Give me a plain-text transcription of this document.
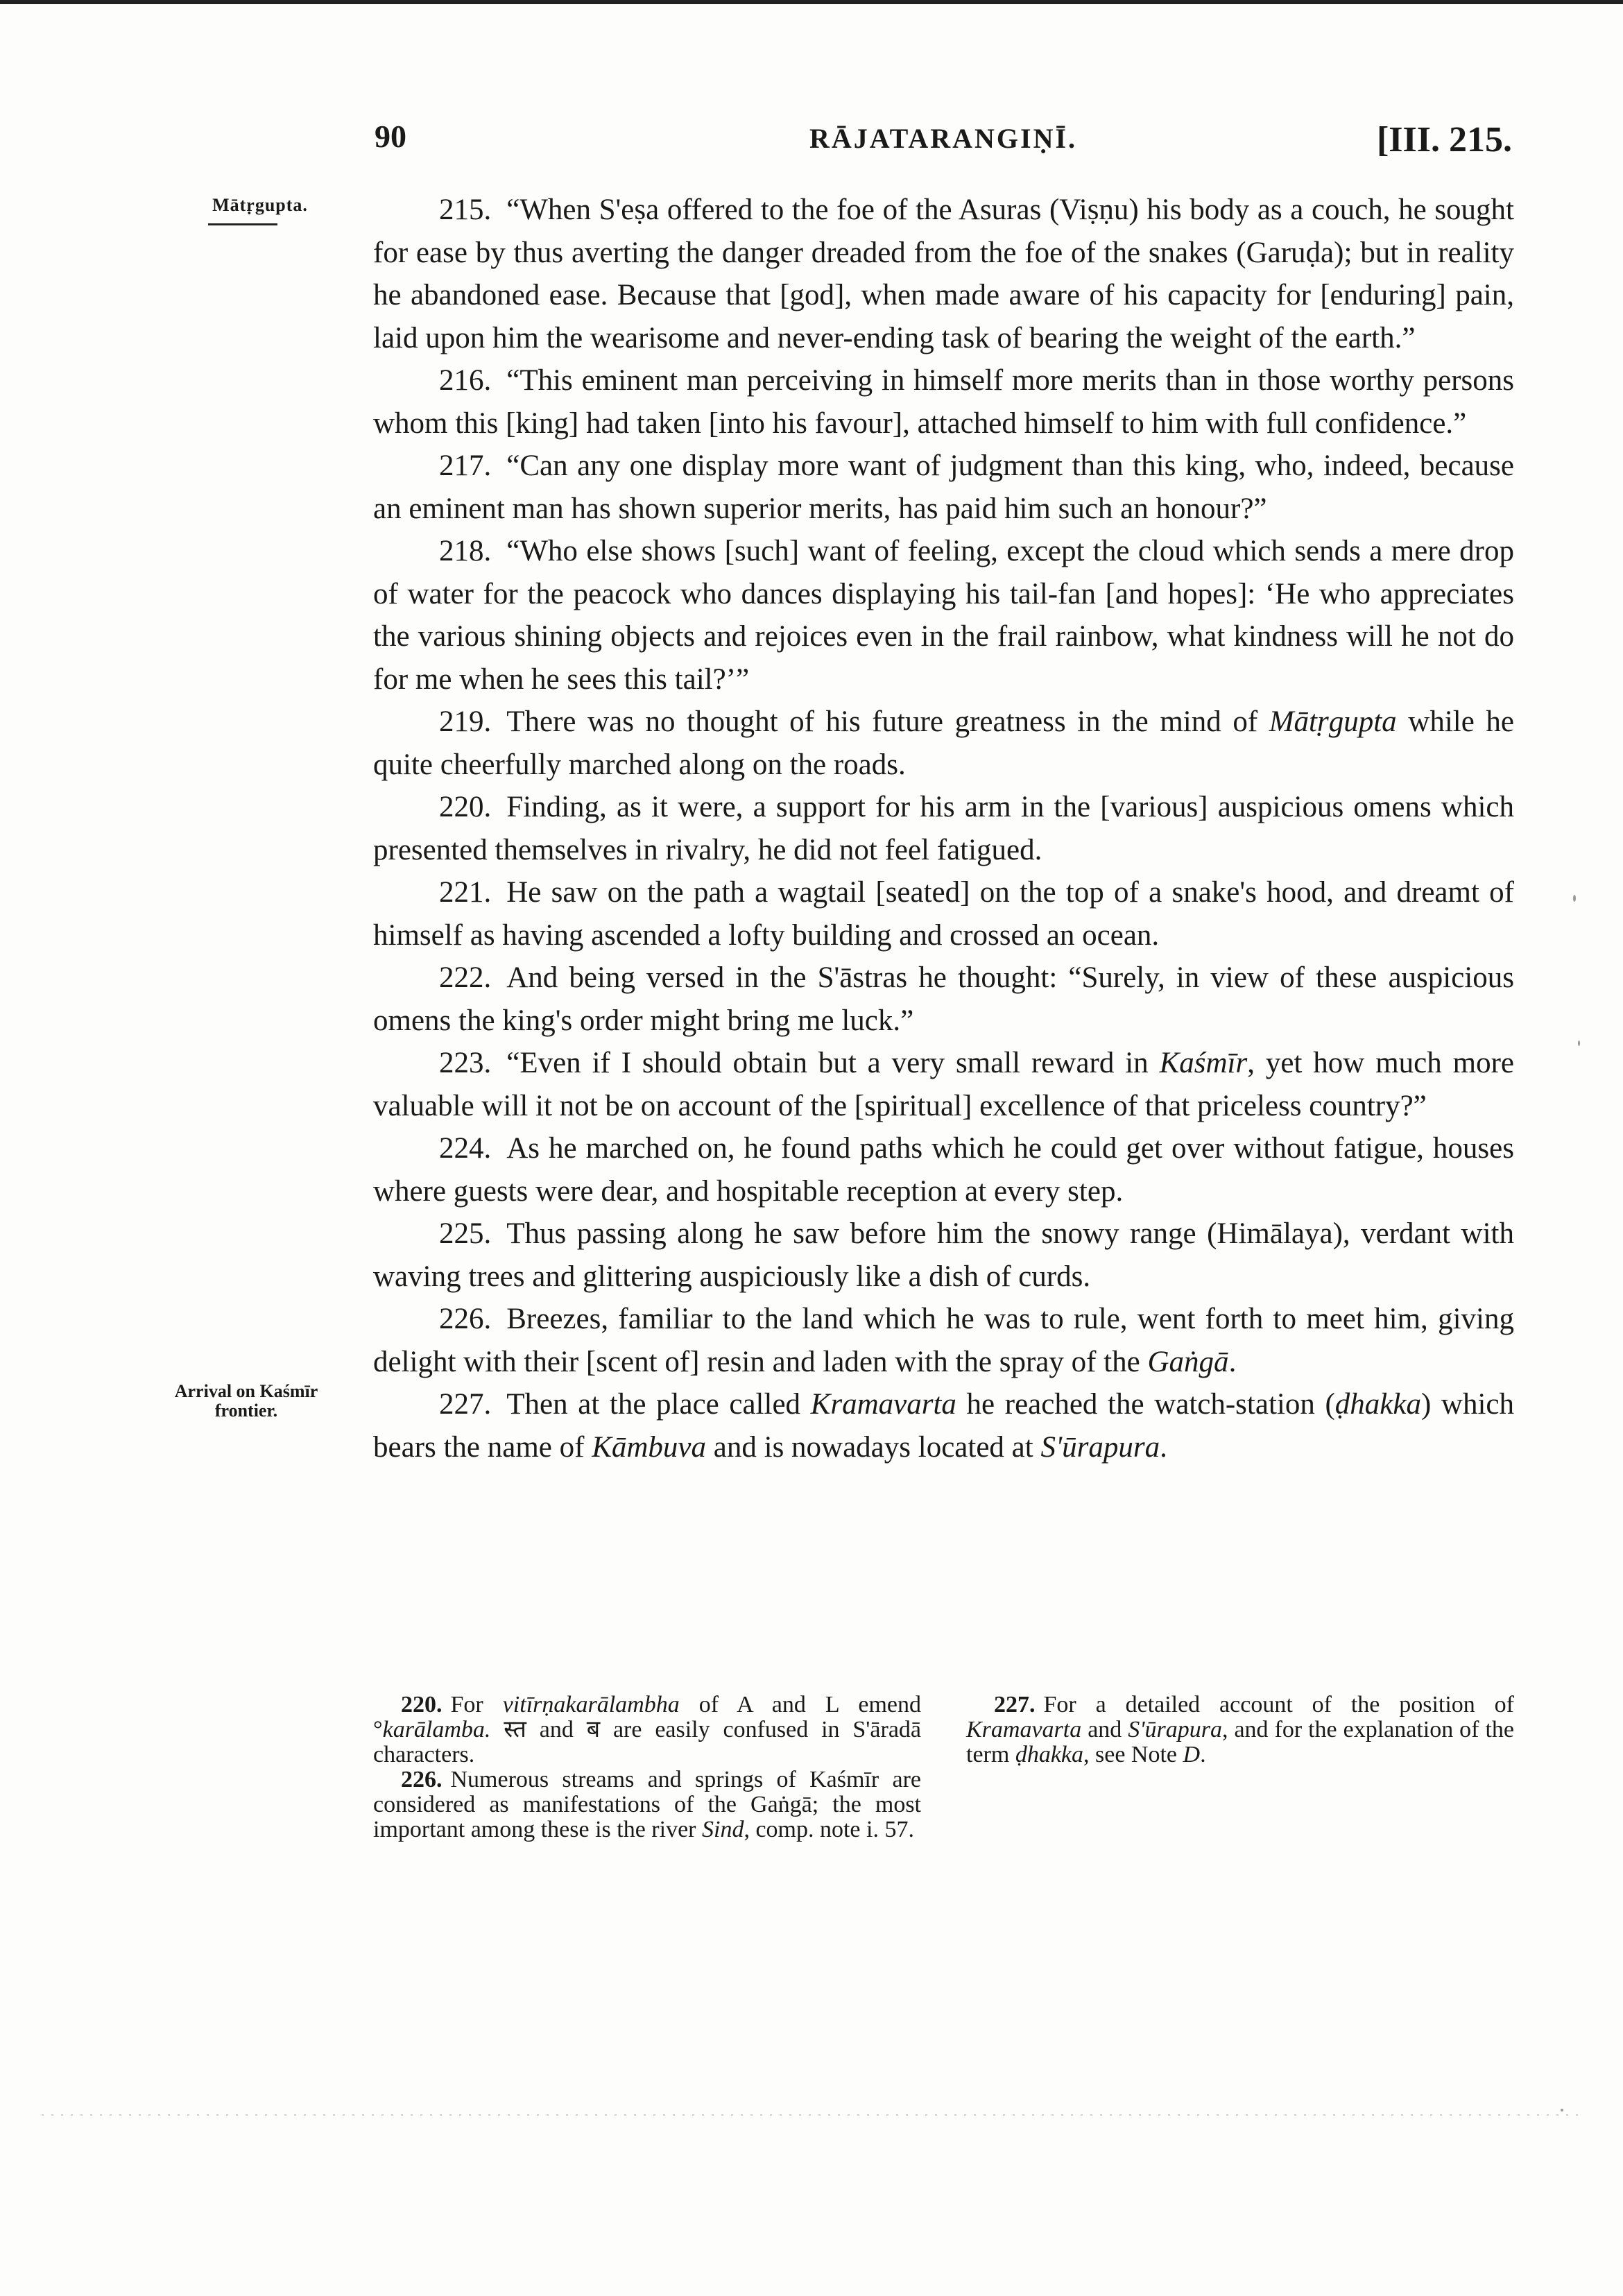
90	RĀJATARANGIṆĪ.	[III. 215.
Mātṛgupta.
Arrival on Kaśmīr frontier.

215. “When S'eṣa offered to the foe of the Asuras (Viṣṇu) his body as a couch, he sought for ease by thus averting the danger dreaded from the foe of the snakes (Garuḍa); but in reality he abandoned ease. Because that [god], when made aware of his capacity for [enduring] pain, laid upon him the wearisome and never-ending task of bearing the weight of the earth.”

216. “This eminent man perceiving in himself more merits than in those worthy persons whom this [king] had taken [into his favour], attached himself to him with full confidence.”

217. “Can any one display more want of judgment than this king, who, indeed, because an eminent man has shown superior merits, has paid him such an honour?”

218. “Who else shows [such] want of feeling, except the cloud which sends a mere drop of water for the peacock who dances displaying his tail-fan [and hopes]: ‘He who appreciates the various shining objects and rejoices even in the frail rainbow, what kindness will he not do for me when he sees this tail?’”

219. There was no thought of his future greatness in the mind of Mātṛgupta while he quite cheerfully marched along on the roads.

220. Finding, as it were, a support for his arm in the [various] auspicious omens which presented themselves in rivalry, he did not feel fatigued.

221. He saw on the path a wagtail [seated] on the top of a snake's hood, and dreamt of himself as having ascended a lofty building and crossed an ocean.

222. And being versed in the S'āstras he thought: “Surely, in view of these auspicious omens the king's order might bring me luck.”

223. “Even if I should obtain but a very small reward in Kaśmīr, yet how much more valuable will it not be on account of the [spiritual] excellence of that priceless country?”

224. As he marched on, he found paths which he could get over without fatigue, houses where guests were dear, and hospitable reception at every step.

225. Thus passing along he saw before him the snowy range (Himālaya), verdant with waving trees and glittering auspiciously like a dish of curds.

226. Breezes, familiar to the land which he was to rule, went forth to meet him, giving delight with their [scent of] resin and laden with the spray of the Gaṅgā.

227. Then at the place called Kramavarta he reached the watch-station (ḍhakka) which bears the name of Kāmbuva and is nowadays located at S'ūrapura.

220. For vitīrṇakarālambha of A and L emend °karālamba. स्त and ब are easily confused in S'āradā characters.

226. Numerous streams and springs of Kaśmīr are considered as manifestations of the Gaṅgā; the most important among these is the river Sind, comp. note i. 57.

227. For a detailed account of the position of Kramavarta and S'ūrapura, and for the explanation of the term ḍhakka, see Note D.
